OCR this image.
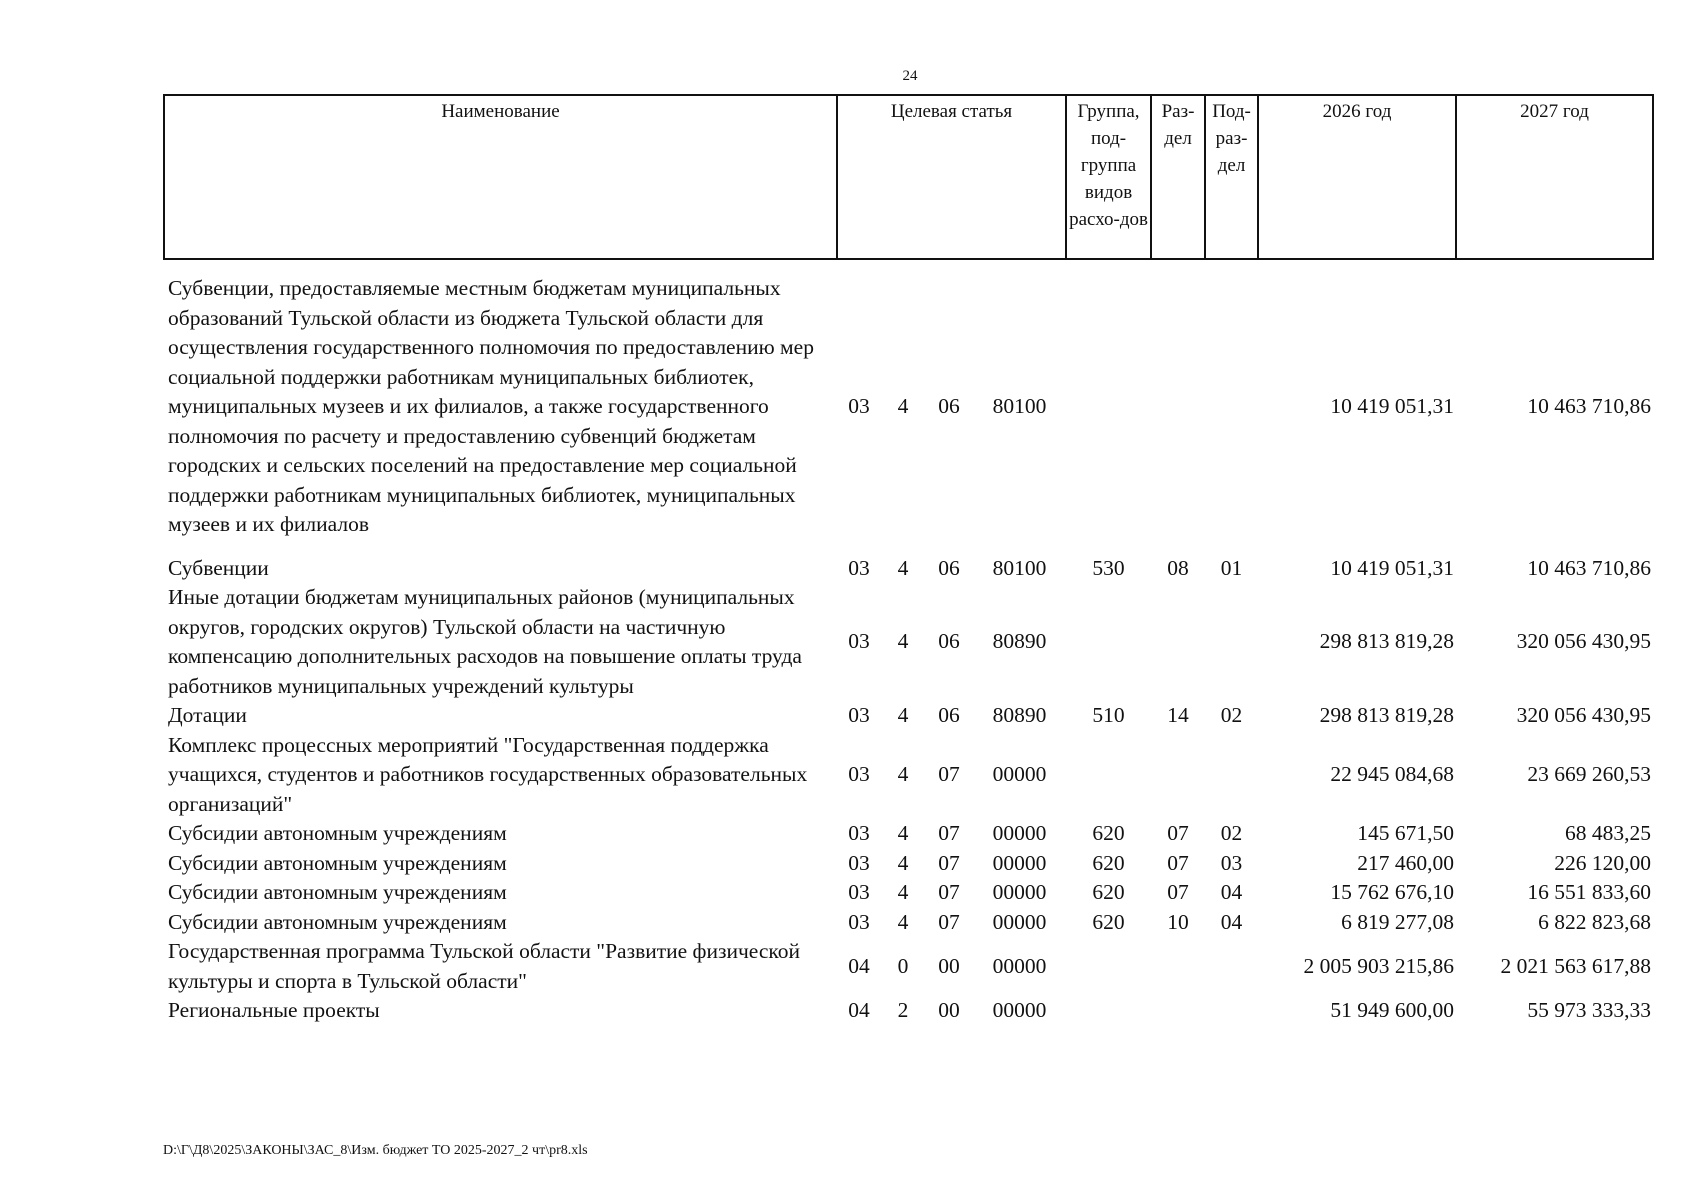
24
Наименование	Целевая статья				Группа, под-группа видов расхо-дов	Раз-дел	Под-раз-дел	2026 год	2027 год
Субвенции, предоставляемые местным бюджетам муниципальных образований Тульской области из бюджета Тульской области для осуществления государственного полномочия по предоставлению мер социальной поддержки работникам муниципальных библиотек, муниципальных музеев и их филиалов, а также государственного полномочия по расчету и предоставлению субвенций бюджетам городских и сельских поселений на предоставление мер социальной поддержки работникам муниципальных библиотек, муниципальных музеев и их филиалов	03	4	06	80100				10 419 051,31	10 463 710,86
Субвенции	03	4	06	80100	530	08	01	10 419 051,31	10 463 710,86
Иные дотации бюджетам муниципальных районов (муниципальных округов, городских округов) Тульской области на частичную компенсацию дополнительных расходов на повышение оплаты труда работников муниципальных учреждений культуры	03	4	06	80890				298 813 819,28	320 056 430,95
Дотации	03	4	06	80890	510	14	02	298 813 819,28	320 056 430,95
Комплекс процессных мероприятий "Государственная поддержка учащихся, студентов и работников государственных образовательных организаций"	03	4	07	00000				22 945 084,68	23 669 260,53
Субсидии автономным учреждениям	03	4	07	00000	620	07	02	145 671,50	68 483,25
Субсидии автономным учреждениям	03	4	07	00000	620	07	03	217 460,00	226 120,00
Субсидии автономным учреждениям	03	4	07	00000	620	07	04	15 762 676,10	16 551 833,60
Субсидии автономным учреждениям	03	4	07	00000	620	10	04	6 819 277,08	6 822 823,68
Государственная программа Тульской области "Развитие физической культуры и спорта в Тульской области"	04	0	00	00000				2 005 903 215,86	2 021 563 617,88
Региональные проекты	04	2	00	00000				51 949 600,00	55 973 333,33
D:\Г\Д8\2025\ЗАКОНЫ\ЗАС_8\Изм. бюджет ТО 2025-2027_2 чт\pr8.xls
